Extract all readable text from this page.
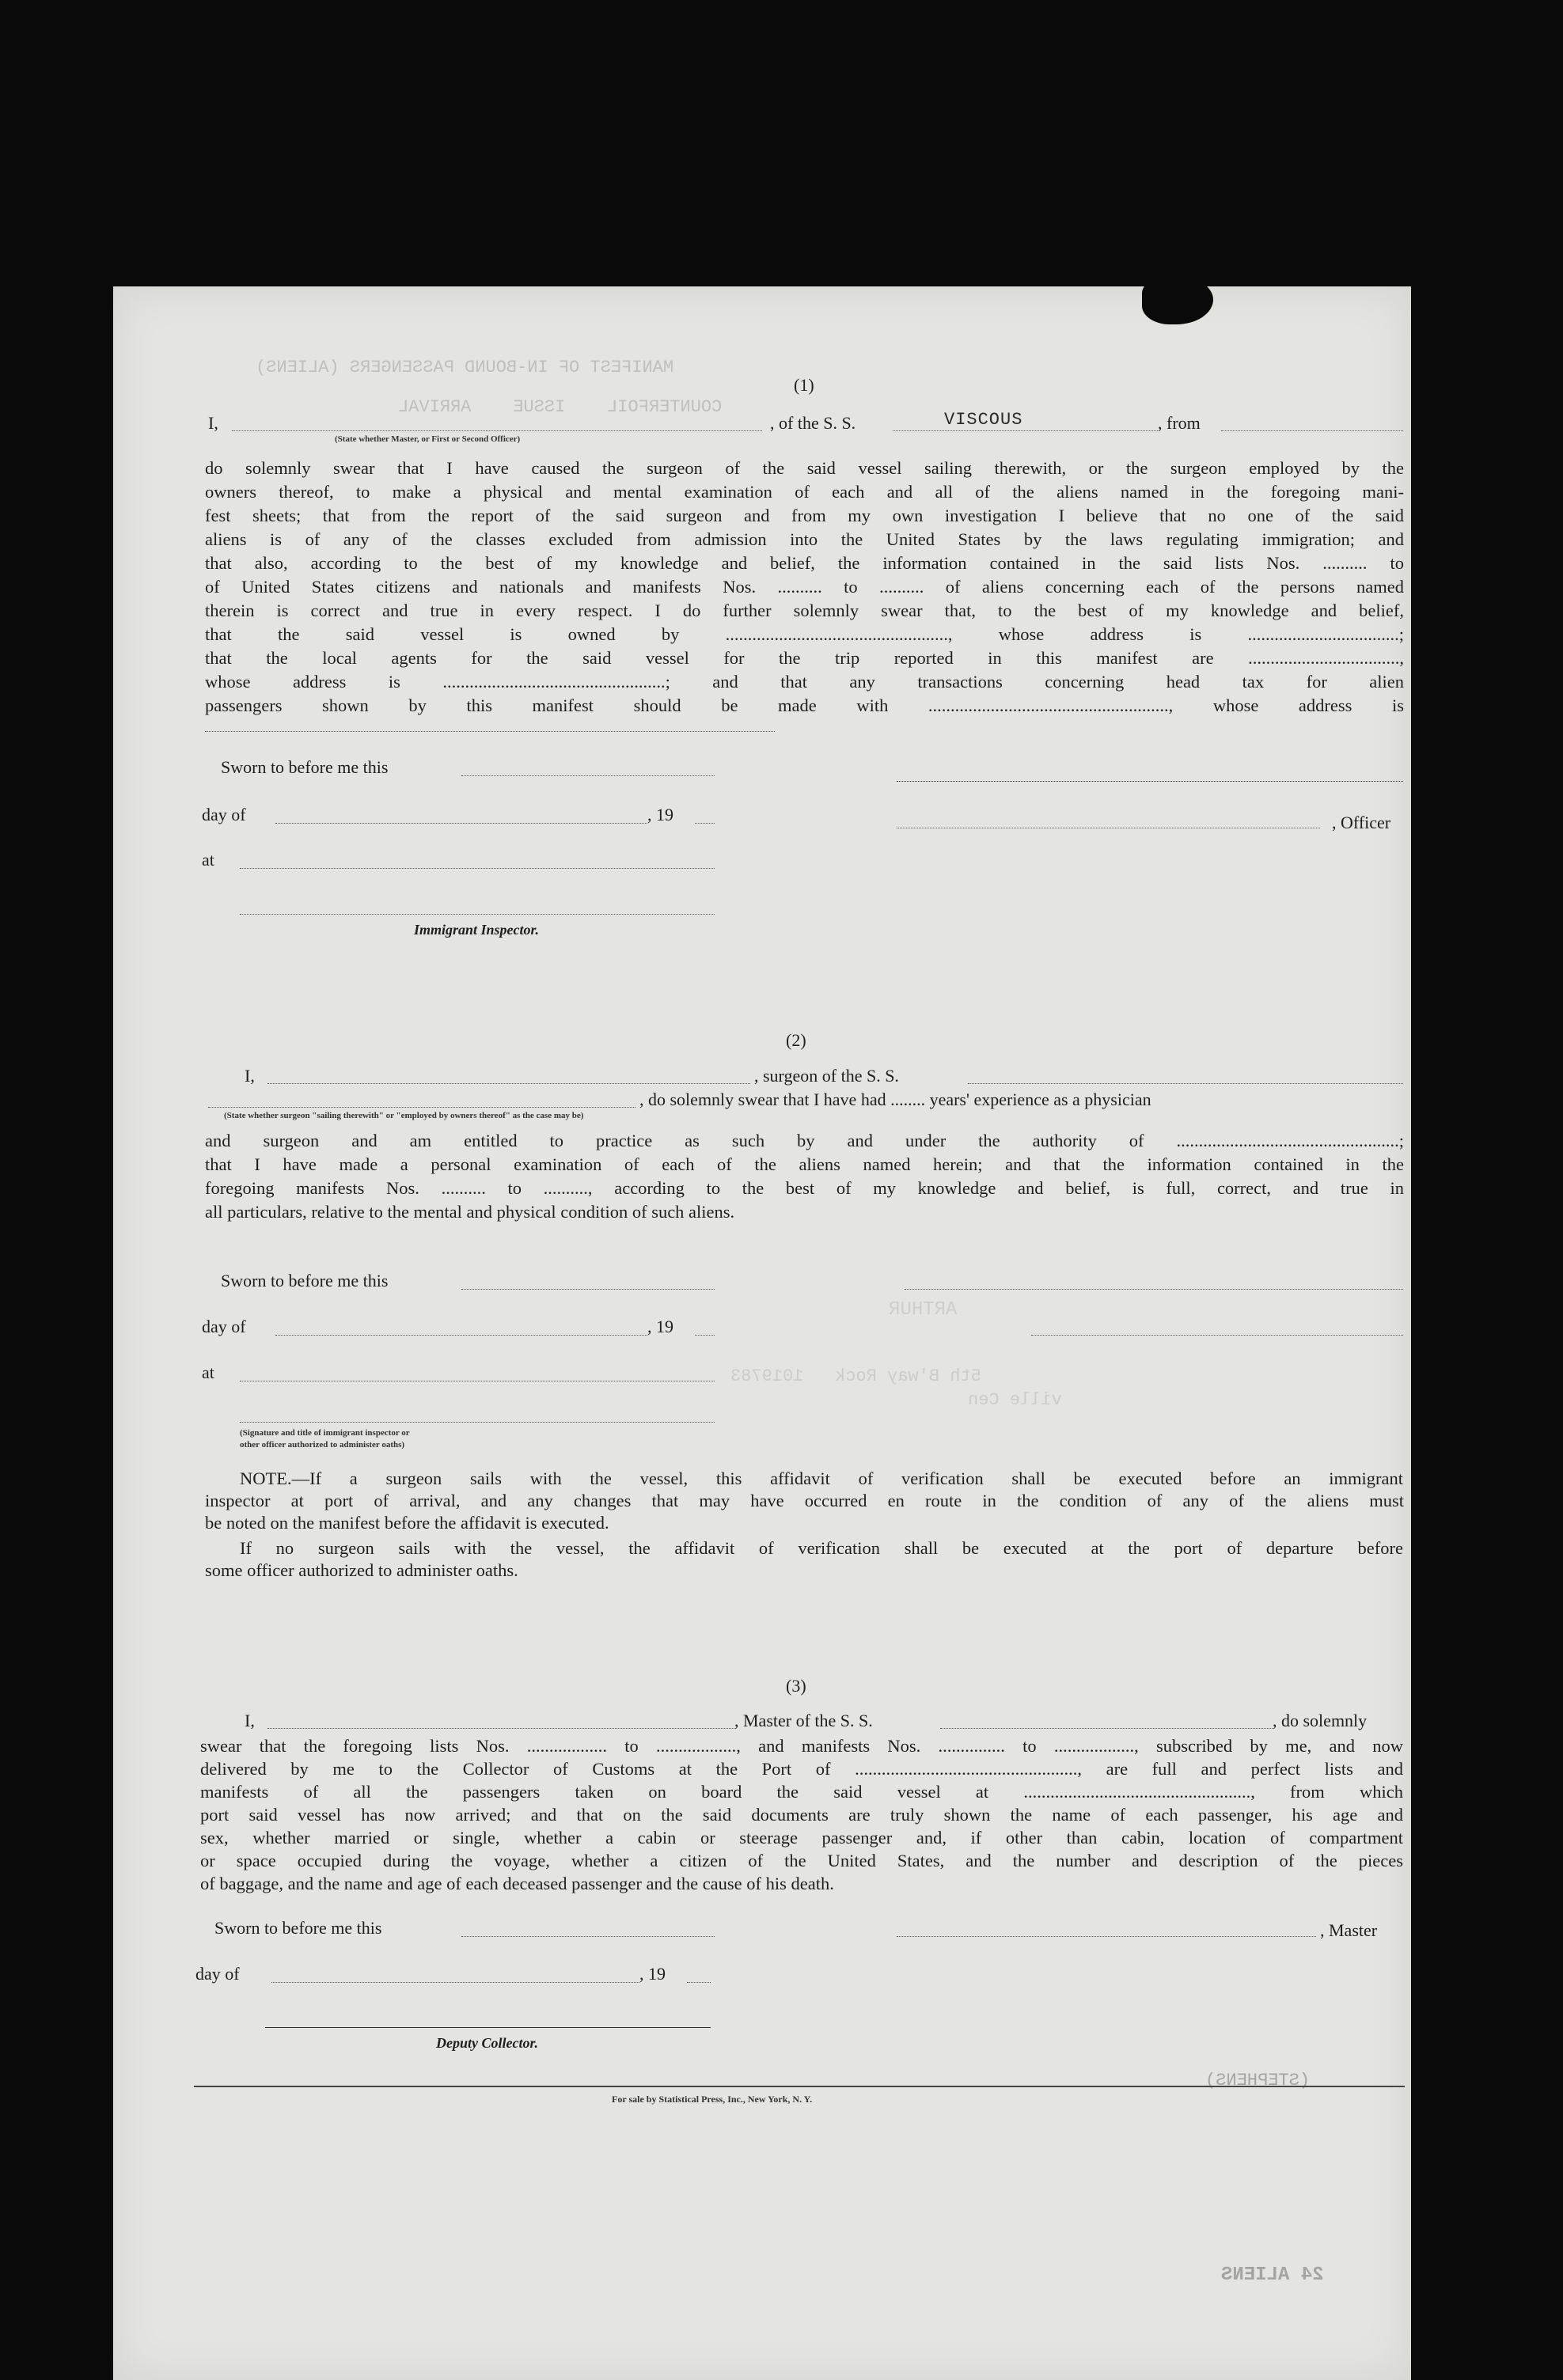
MANIFEST OF IN-BOUND PASSENGERS (ALIENS)
COUNTERFOIL    ISSUE    ARRIVAL
ARTHUR
5th B'way Rock   1019783
ville Cen
24 ALIENS
(STEPHENS)
(1)
I,
(State whether Master, or First or Second Officer)
, of the S. S.	VISCOUS	, from
do solemnly swear that I have caused the surgeon of the said vessel sailing therewith, or the surgeon employed by the
owners thereof, to make a physical and mental examination of each and all of the aliens named in the foregoing mani-
fest sheets; that from the report of the said surgeon and from my own investigation I believe that no one of the said
aliens is of any of the classes excluded from admission into the United States by the laws regulating immigration; and
that also, according to the best of my knowledge and belief, the information contained in the said lists Nos. .......... to
of United States citizens and nationals and manifests Nos. .......... to .......... of aliens concerning each of the persons named
therein is correct and true in every respect. I do further solemnly swear that, to the best of my knowledge and belief,
that the said vessel is owned by .................................................., whose address is ..................................;
that the local agents for the said vessel for the trip reported in this manifest are ..................................,
whose address is ..................................................; and that any transactions concerning head tax for alien
passengers shown by this manifest should be made with ......................................................, whose address is
Sworn to before me this
day of	, 19	, Officer
at
Immigrant Inspector.
(2)
I,	, surgeon of the S. S.
, do solemnly swear that I have had ........ years' experience as a physician
(State whether surgeon "sailing therewith" or "employed by owners thereof" as the case may be)
and surgeon and am entitled to practice as such by and under the authority of ..................................................;
that I have made a personal examination of each of the aliens named herein; and that the information contained in the
foregoing manifests Nos. .......... to .........., according to the best of my knowledge and belief, is full, correct, and true in
all particulars, relative to the mental and physical condition of such aliens.
Sworn to before me this
day of	, 19
at
(Signature and title of immigrant inspector or
other officer authorized to administer oaths)
NOTE.—If a surgeon sails with the vessel, this affidavit of verification shall be executed before an immigrant
inspector at port of arrival, and any changes that may have occurred en route in the condition of any of the aliens must
be noted on the manifest before the affidavit is executed.
If no surgeon sails with the vessel, the affidavit of verification shall be executed at the port of departure before
some officer authorized to administer oaths.
(3)
I,	, Master of the S. S.	, do solemnly
swear that the foregoing lists Nos. .................. to .................., and manifests Nos. ............... to .................., subscribed by me, and now
delivered by me to the Collector of Customs at the Port of .................................................., are full and perfect lists and
manifests of all the passengers taken on board the said vessel at ..................................................., from which
port said vessel has now arrived; and that on the said documents are truly shown the name of each passenger, his age and
sex, whether married or single, whether a cabin or steerage passenger and, if other than cabin, location of compartment
or space occupied during the voyage, whether a citizen of the United States, and the number and description of the pieces
of baggage, and the name and age of each deceased passenger and the cause of his death.
Sworn to before me this	, Master
day of	, 19
Deputy Collector.
For sale by Statistical Press, Inc., New York, N. Y.
